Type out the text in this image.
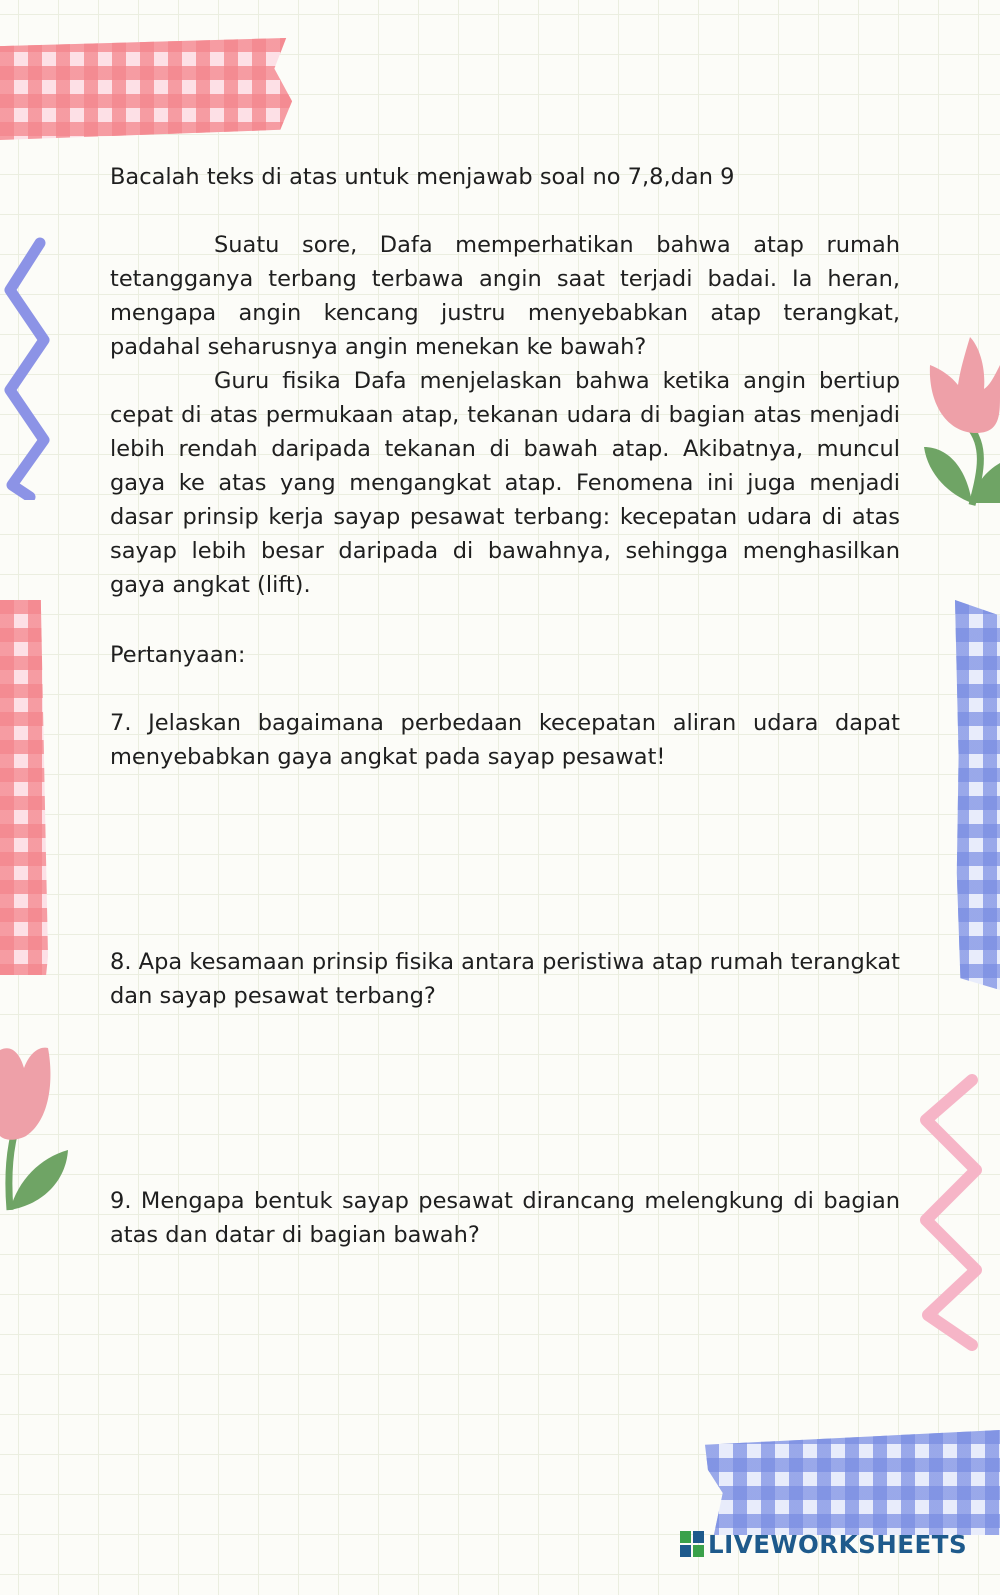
Bacalah teks di atas untuk menjawab soal no 7,8,dan 9

Suatu sore, Dafa memperhatikan bahwa atap rumah tetangganya terbang terbawa angin saat terjadi badai. Ia heran, mengapa angin kencang justru menyebabkan atap terangkat, padahal seharusnya angin menekan ke bawah?

Guru fisika Dafa menjelaskan bahwa ketika angin bertiup cepat di atas permukaan atap, tekanan udara di bagian atas menjadi lebih rendah daripada tekanan di bawah atap. Akibatnya, muncul gaya ke atas yang mengangkat atap. Fenomena ini juga menjadi dasar prinsip kerja sayap pesawat terbang: kecepatan udara di atas sayap lebih besar daripada di bawahnya, sehingga menghasilkan gaya angkat (lift).

Pertanyaan:

7. Jelaskan bagaimana perbedaan kecepatan aliran udara dapat menyebabkan gaya angkat pada sayap pesawat!

8. Apa kesamaan prinsip fisika antara peristiwa atap rumah terangkat dan sayap pesawat terbang?

9. Mengapa bentuk sayap pesawat dirancang melengkung di bagian atas dan datar di bagian bawah?

LIVEWORKSHEETS
